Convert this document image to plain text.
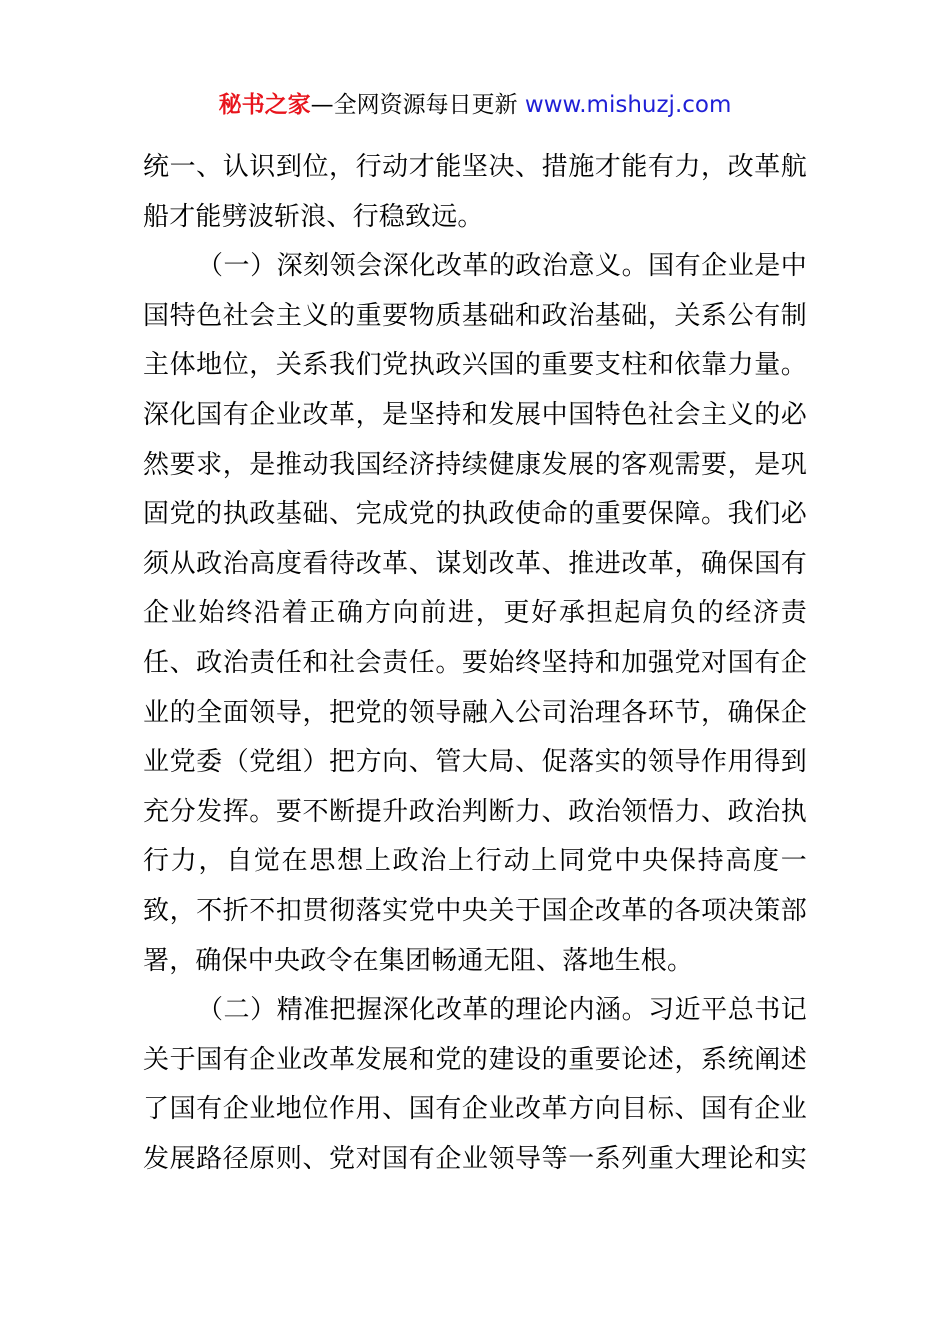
秘书之家—全网资源每日更新 www.mishuzj.com
统一、认识到位，行动才能坚决、措施才能有力，改革航
船才能劈波斩浪、行稳致远。
（一）深刻领会深化改革的政治意义。国有企业是中
国特色社会主义的重要物质基础和政治基础，关系公有制
主体地位，关系我们党执政兴国的重要支柱和依靠力量。
深化国有企业改革，是坚持和发展中国特色社会主义的必
然要求，是推动我国经济持续健康发展的客观需要，是巩
固党的执政基础、完成党的执政使命的重要保障。我们必
须从政治高度看待改革、谋划改革、推进改革，确保国有
企业始终沿着正确方向前进，更好承担起肩负的经济责
任、政治责任和社会责任。要始终坚持和加强党对国有企
业的全面领导，把党的领导融入公司治理各环节，确保企
业党委（党组）把方向、管大局、促落实的领导作用得到
充分发挥。要不断提升政治判断力、政治领悟力、政治执
行力，自觉在思想上政治上行动上同党中央保持高度一
致，不折不扣贯彻落实党中央关于国企改革的各项决策部
署，确保中央政令在集团畅通无阻、落地生根。
（二）精准把握深化改革的理论内涵。习近平总书记
关于国有企业改革发展和党的建设的重要论述，系统阐述
了国有企业地位作用、国有企业改革方向目标、国有企业
发展路径原则、党对国有企业领导等一系列重大理论和实
